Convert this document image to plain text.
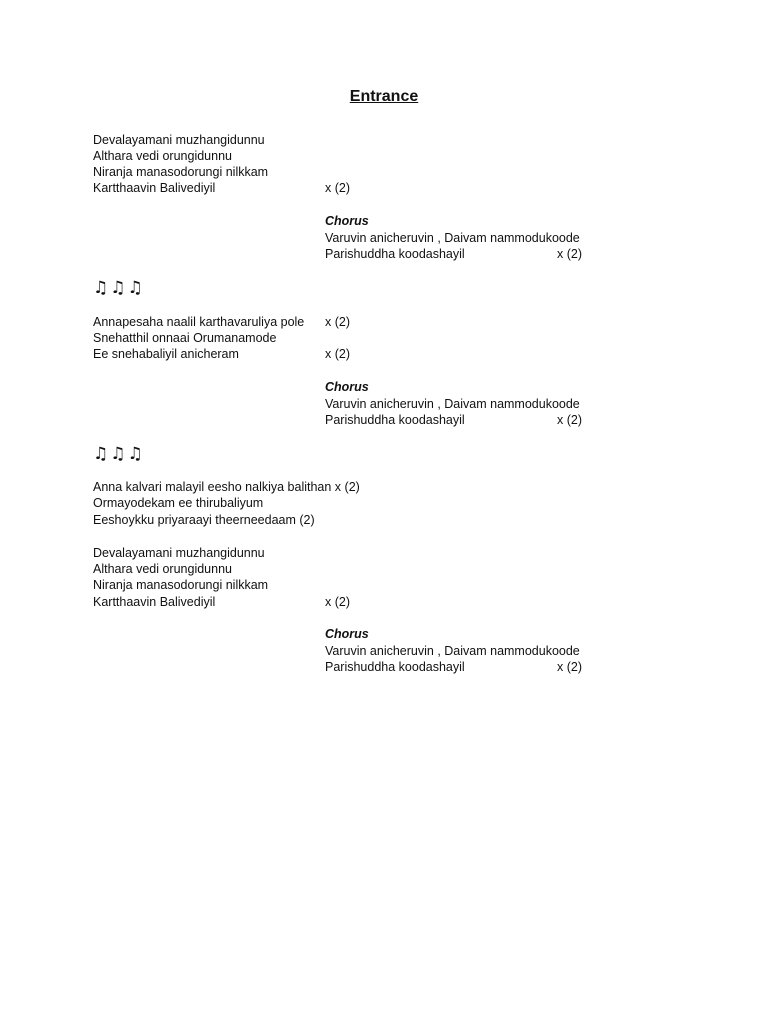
Entrance
Devalayamani muzhangidunnu
Althara vedi orungidunnu
Niranja manasodorungi nilkkam
Kartthaavin Balivediyil	x (2)
Chorus
Varuvin anicheruvin , Daivam nammodukoode
Parishuddha koodashayil	x (2)
♫♫♫
Annapesaha naalil karthavaruliya pole x (2)
Snehatthil onnaai Orumanamode
Ee snehabaliyil anicheram	x (2)
Chorus
Varuvin anicheruvin , Daivam nammodukoode
Parishuddha koodashayil	x (2)
♫♫♫
Anna kalvari malayil eesho nalkiya balithan x (2)
Ormayodekam ee thirubaliyum
Eeshoykku priyaraayi theerneedaam (2)
Devalayamani muzhangidunnu
Althara vedi orungidunnu
Niranja manasodorungi nilkkam
Kartthaavin Balivediyil	x (2)
Chorus
Varuvin anicheruvin , Daivam nammodukoode
Parishuddha koodashayil	x (2)
